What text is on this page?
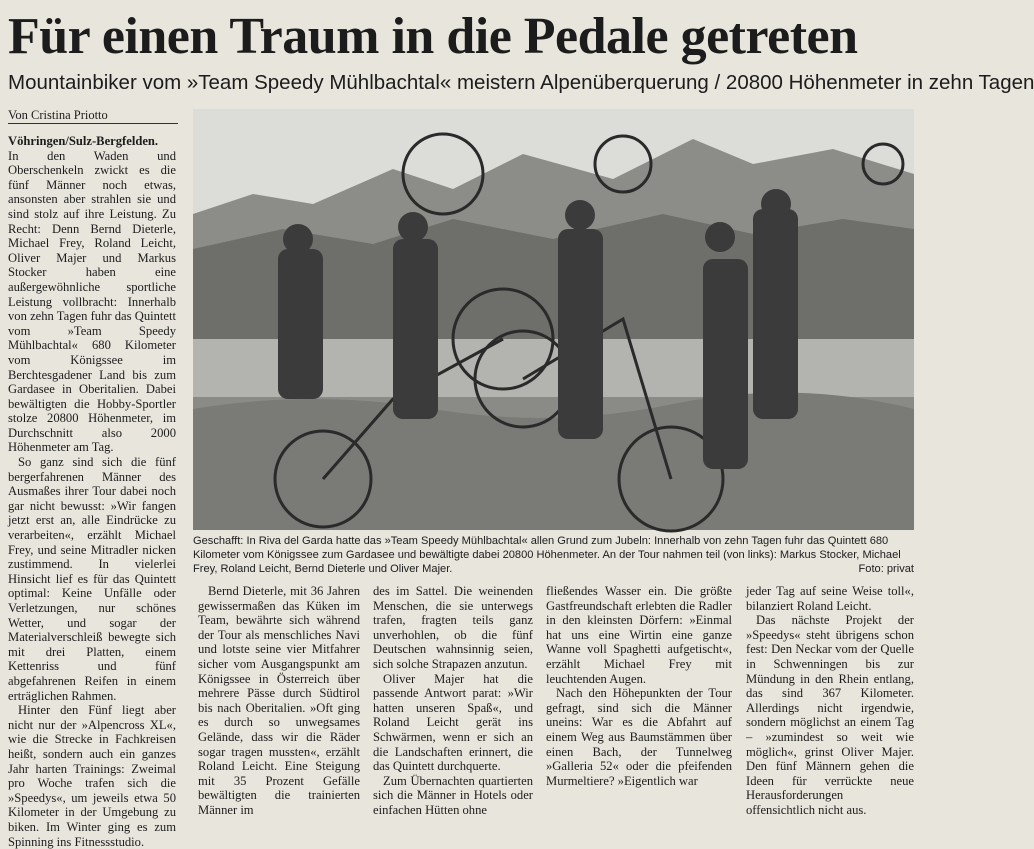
Für einen Traum in die Pedale getreten
Mountainbiker vom »Team Speedy Mühlbachtal« meistern Alpenüberquerung / 20800 Höhenmeter in zehn Tagen
Von Cristina Priotto

Vöhringen/Sulz-Bergfelden.
In den Waden und Oberschenkeln zwickt es die fünf Männer noch etwas, ansonsten aber strahlen sie und sind stolz auf ihre Leistung. Zu Recht: Denn Bernd Dieterle, Michael Frey, Roland Leicht, Oliver Majer und Markus Stocker haben eine außergewöhnliche sportliche Leistung vollbracht: Innerhalb von zehn Tagen fuhr das Quintett vom »Team Speedy Mühlbachtal« 680 Kilometer vom Königssee im Berchtesgadener Land bis zum Gardasee in Oberitalien. Dabei bewältigten die Hobby-Sportler stolze 20800 Höhenmeter, im Durchschnitt also 2000 Höhenmeter am Tag.

So ganz sind sich die fünf bergerfahrenen Männer des Ausmaßes ihrer Tour dabei noch gar nicht bewusst: »Wir fangen jetzt erst an, alle Eindrücke zu verarbeiten«, erzählt Michael Frey, und seine Mitradler nicken zustimmend. In vielerlei Hinsicht lief es für das Quintett optimal: Keine Unfälle oder Verletzungen, nur schönes Wetter, und sogar der Materialverschleiß bewegte sich mit drei Platten, einem Kettenriss und fünf abgefahrenen Reifen in einem erträglichen Rahmen.

Hinter den Fünf liegt aber nicht nur der »Alpencross XL«, wie die Strecke in Fachkreisen heißt, sondern auch ein ganzes Jahr harten Trainings: Zweimal pro Woche trafen sich die »Speedys«, um jeweils etwa 50 Kilometer in der Umgebung zu biken. Im Winter ging es zum Spinning ins Fitnessstudio.

Geschafft: In Riva del Garda hatte das »Team Speedy Mühlbachtal« allen Grund zum Jubeln: Innerhalb von zehn Tagen fuhr das Quintett 680 Kilometer vom Königssee zum Gardasee und bewältigte dabei 20800 Höhenmeter. An der Tour nahmen teil (von links): Markus Stocker, Michael Frey, Roland Leicht, Bernd Dieterle und Oliver Majer.	Foto: privat

Bernd Dieterle, mit 36 Jahren gewissermaßen das Küken im Team, bewährte sich während der Tour als menschliches Navi und lotste seine vier Mitfahrer sicher vom Ausgangspunkt am Königssee in Österreich über mehrere Pässe durch Südtirol bis nach Oberitalien. »Oft ging es durch so unwegsames Gelände, dass wir die Räder sogar tragen mussten«, erzählt Roland Leicht. Eine Steigung mit 35 Prozent Gefälle bewältigten die trainierten Männer im

des im Sattel. Die weinenden Menschen, die sie unterwegs trafen, fragten teils ganz unverhohlen, ob die fünf Deutschen wahnsinnig seien, sich solche Strapazen anzutun.

Oliver Majer hat die passende Antwort parat: »Wir hatten unseren Spaß«, und Roland Leicht gerät ins Schwärmen, wenn er sich an die Landschaften erinnert, die das Quintett durchquerte.

Zum Übernachten quartierten sich die Männer in Hotels oder einfachen Hütten ohne

fließendes Wasser ein. Die größte Gastfreundschaft erlebten die Radler in den kleinsten Dörfern: »Einmal hat uns eine Wirtin eine ganze Wanne voll Spaghetti aufgetischt«, erzählt Michael Frey mit leuchtenden Augen.

Nach den Höhepunkten der Tour gefragt, sind sich die Männer uneins: War es die Abfahrt auf einem Weg aus Baumstämmen über einen Bach, der Tunnelweg »Galleria 52« oder die pfeifenden Murmeltiere? »Eigentlich war

jeder Tag auf seine Weise toll«, bilanziert Roland Leicht.

Das nächste Projekt der »Speedys« steht übrigens schon fest: Den Neckar vom der Quelle in Schwenningen bis zur Mündung in den Rhein entlang, das sind 367 Kilometer. Allerdings nicht irgendwie, sondern möglichst an einem Tag – »zumindest so weit wie möglich«, grinst Oliver Majer. Den fünf Männern gehen die Ideen für verrückte neue Herausforderungen offensichtlich nicht aus.
